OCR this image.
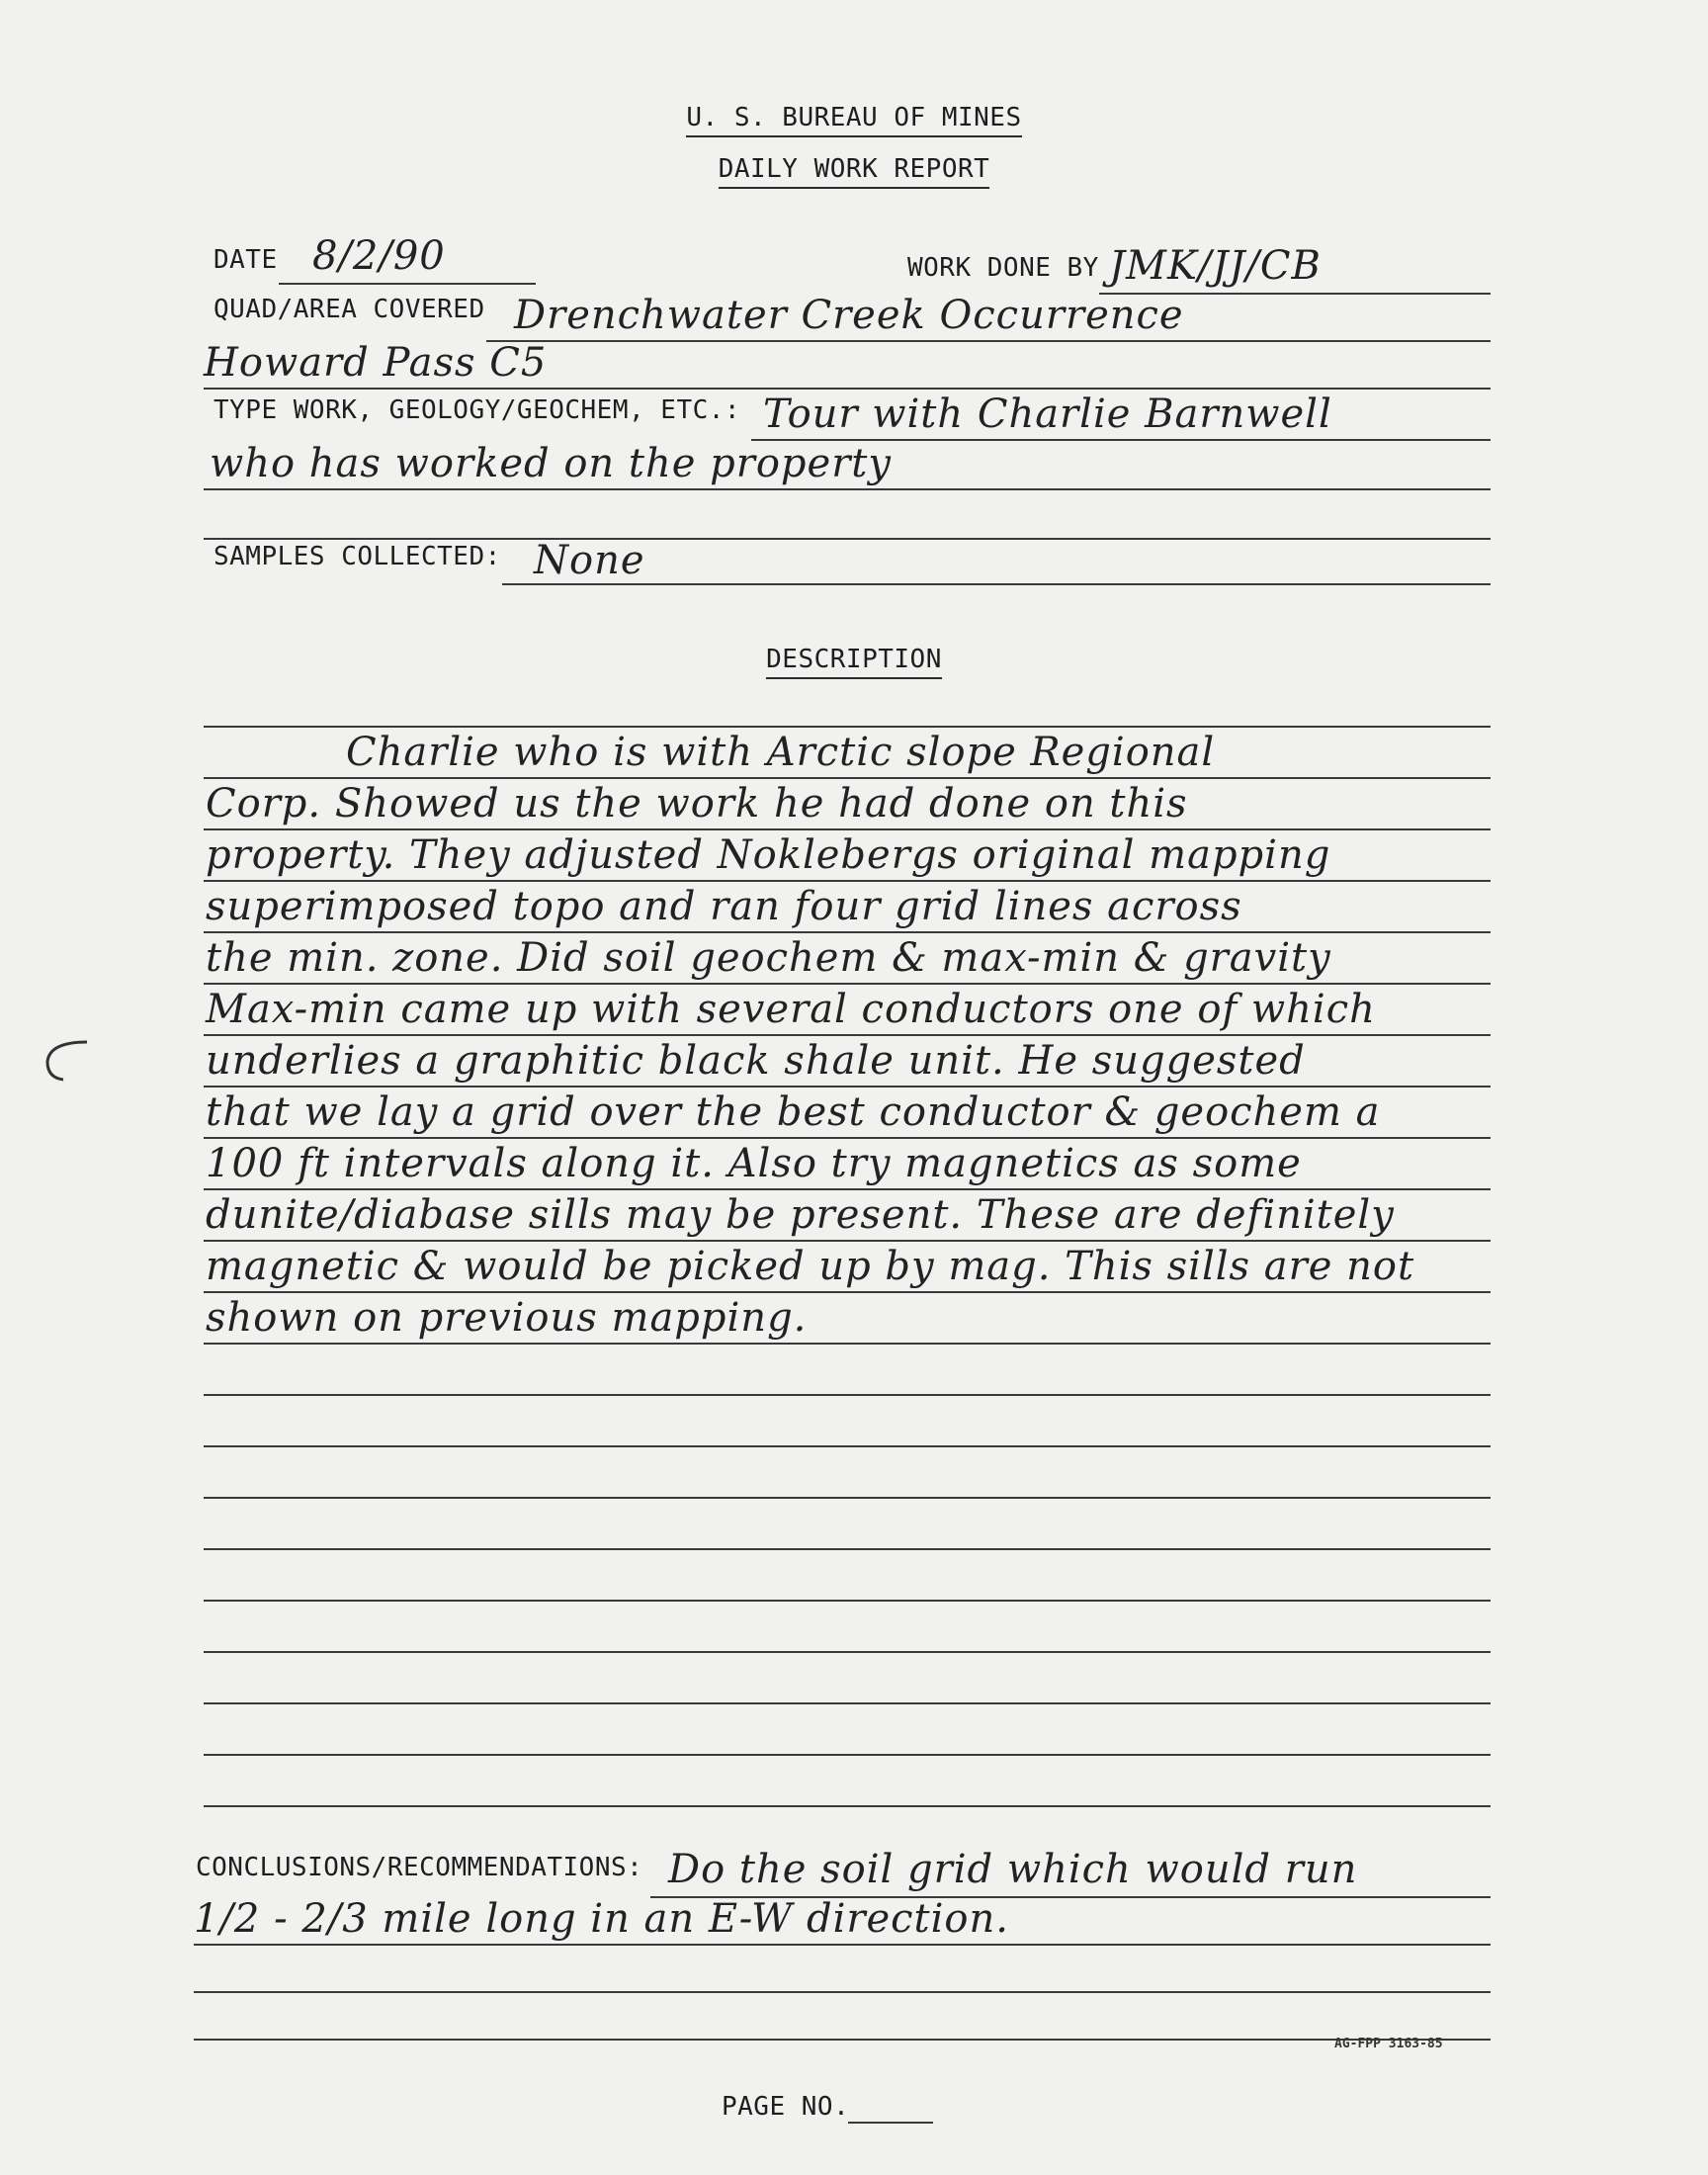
U. S. BUREAU OF MINES
DAILY WORK REPORT
DATE 8/2/90	WORK DONE BY JMK/JJ/CB
QUAD/AREA COVERED Drenchwater Creek Occurrence
Howard Pass C5
TYPE WORK, GEOLOGY/GEOCHEM, ETC.: Tour with Charlie Barnwell
who has worked on the property
SAMPLES COLLECTED: None
DESCRIPTION
Charlie who is with Arctic slope Regional
Corp. Showed us the work he had done on this
property. They adjusted Noklebergs original mapping
superimposed topo and ran four grid lines across
the min. zone. Did soil geochem & max-min & gravity
Max-min came up with several conductors one of which
underlies a graphitic black shale unit. He suggested
that we lay a grid over the best conductor & geochem a
100 ft intervals along it. Also try magnetics as some
dunite/diabase sills may be present. These are definitely
magnetic & would be picked up by mag. This sills are not
shown on previous mapping.
CONCLUSIONS/RECOMMENDATIONS: Do the soil grid which would run
1/2 - 2/3 mile long in an E-W direction.
AG-FPP 3163-85
PAGE NO.
